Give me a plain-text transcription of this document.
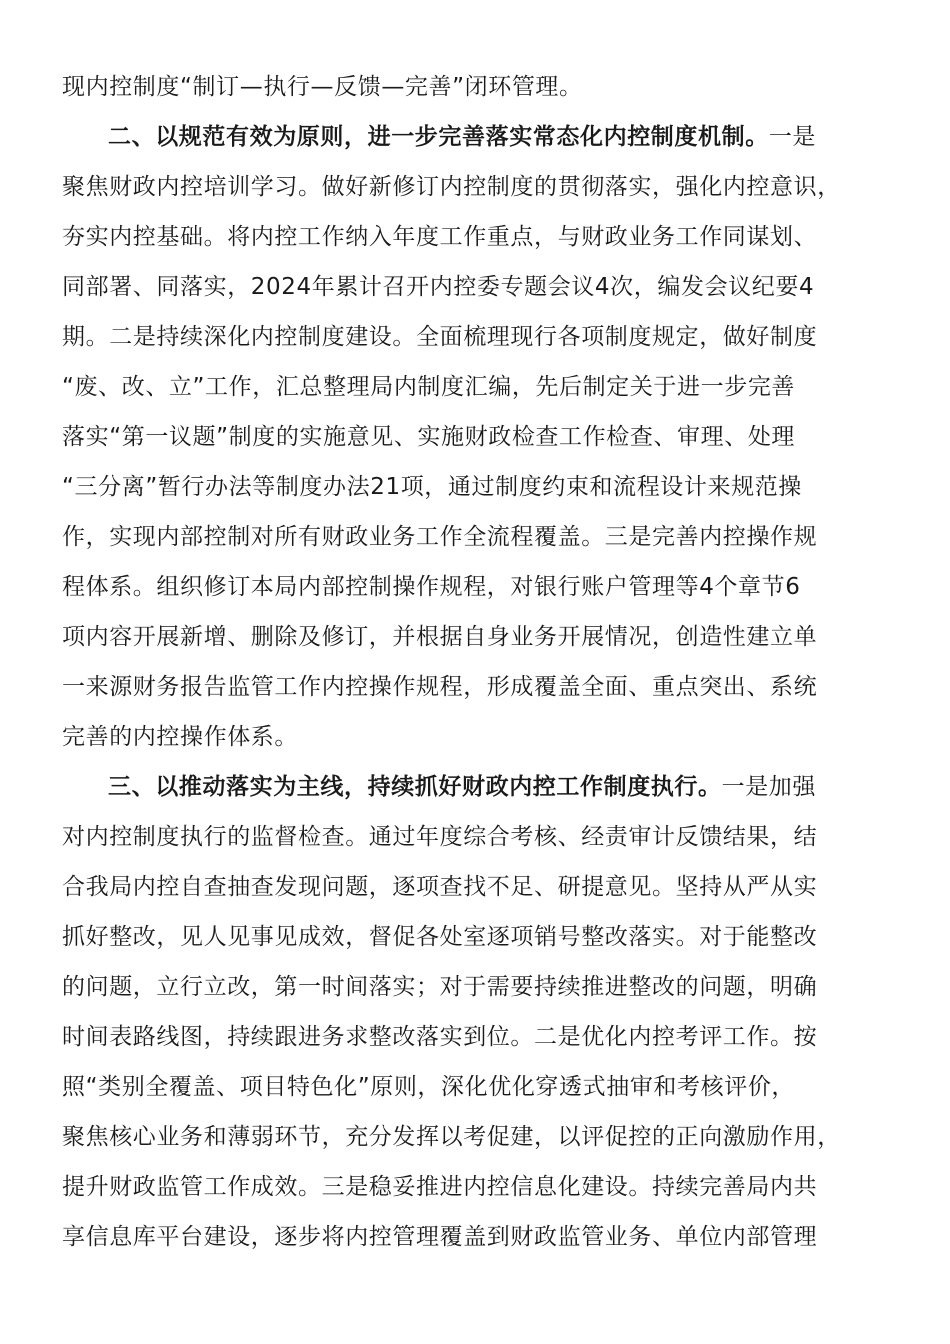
现内控制度“制订—执行—反馈—完善”闭环管理。
二、以规范有效为原则，进一步完善落实常态化内控制度机制。一是
聚焦财政内控培训学习。做好新修订内控制度的贯彻落实，强化内控意识，
夯实内控基础。将内控工作纳入年度工作重点，与财政业务工作同谋划、
同部署、同落实，2024年累计召开内控委专题会议4次，编发会议纪要4
期。二是持续深化内控制度建设。全面梳理现行各项制度规定，做好制度
“废、改、立”工作，汇总整理局内制度汇编，先后制定关于进一步完善
落实“第一议题”制度的实施意见、实施财政检查工作检查、审理、处理
“三分离”暂行办法等制度办法21项，通过制度约束和流程设计来规范操
作，实现内部控制对所有财政业务工作全流程覆盖。三是完善内控操作规
程体系。组织修订本局内部控制操作规程，对银行账户管理等4个章节6
项内容开展新增、删除及修订，并根据自身业务开展情况，创造性建立单
一来源财务报告监管工作内控操作规程，形成覆盖全面、重点突出、系统
完善的内控操作体系。
三、以推动落实为主线，持续抓好财政内控工作制度执行。一是加强
对内控制度执行的监督检查。通过年度综合考核、经责审计反馈结果，结
合我局内控自查抽查发现问题，逐项查找不足、研提意见。坚持从严从实
抓好整改，见人见事见成效，督促各处室逐项销号整改落实。对于能整改
的问题，立行立改，第一时间落实；对于需要持续推进整改的问题，明确
时间表路线图，持续跟进务求整改落实到位。二是优化内控考评工作。按
照“类别全覆盖、项目特色化”原则，深化优化穿透式抽审和考核评价，
聚焦核心业务和薄弱环节，充分发挥以考促建，以评促控的正向激励作用，
提升财政监管工作成效。三是稳妥推进内控信息化建设。持续完善局内共
享信息库平台建设，逐步将内控管理覆盖到财政监管业务、单位内部管理
